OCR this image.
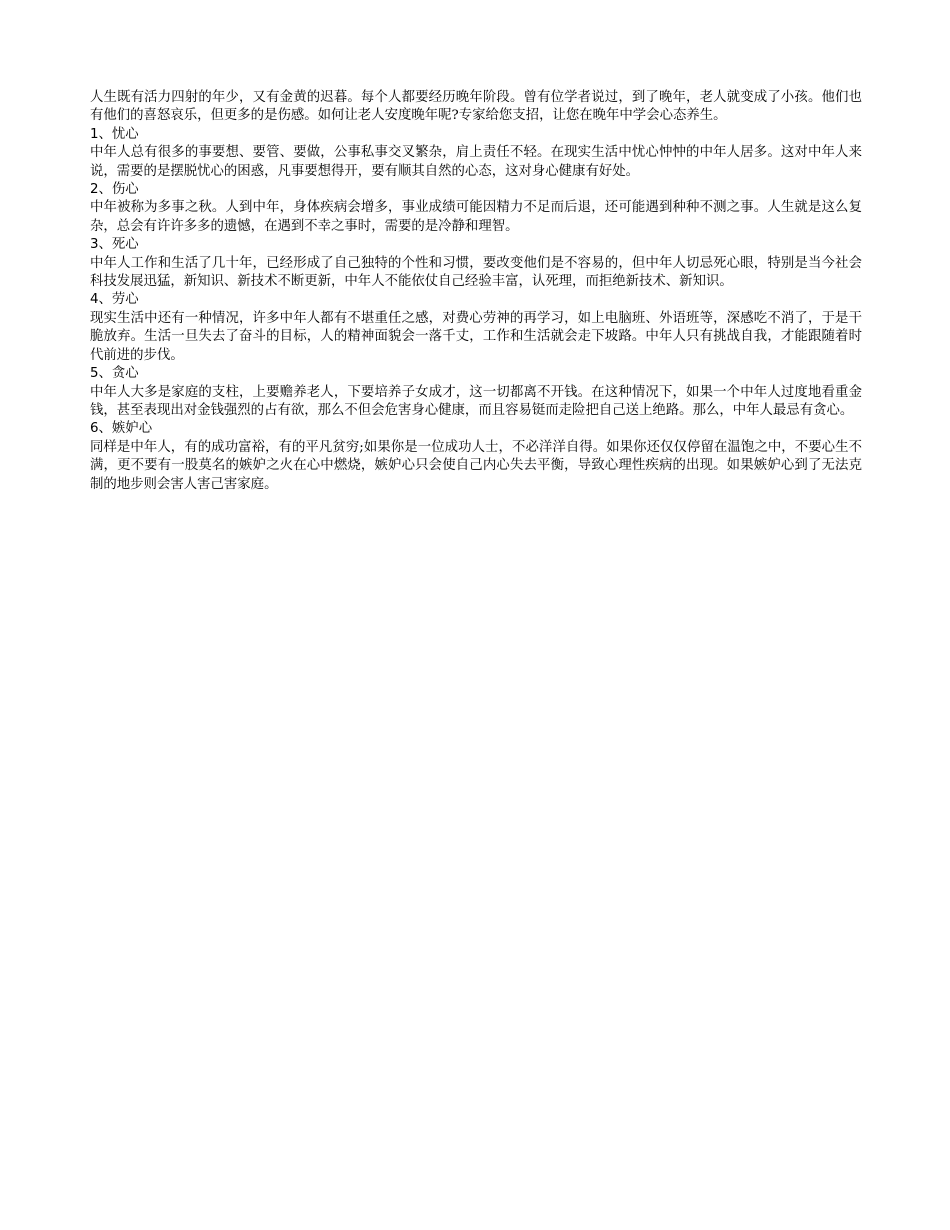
人生既有活力四射的年少，又有金黄的迟暮。每个人都要经历晚年阶段。曾有位学者说过，到了晚年，老人就变成了小孩。他们也有他们的喜怒哀乐，但更多的是伤感。如何让老人安度晚年呢?专家给您支招，让您在晚年中学会心态养生。

1、忧心

中年人总有很多的事要想、要管、要做，公事私事交叉繁杂，肩上责任不轻。在现实生活中忧心忡忡的中年人居多。这对中年人来说，需要的是摆脱忧心的困惑，凡事要想得开，要有顺其自然的心态，这对身心健康有好处。

2、伤心

中年被称为多事之秋。人到中年，身体疾病会增多，事业成绩可能因精力不足而后退，还可能遇到种种不测之事。人生就是这么复杂，总会有许许多多的遗憾，在遇到不幸之事时，需要的是冷静和理智。

3、死心

中年人工作和生活了几十年，已经形成了自己独特的个性和习惯，要改变他们是不容易的，但中年人切忌死心眼，特别是当今社会科技发展迅猛，新知识、新技术不断更新，中年人不能依仗自己经验丰富，认死理，而拒绝新技术、新知识。

4、劳心

现实生活中还有一种情况，许多中年人都有不堪重任之感，对费心劳神的再学习，如上电脑班、外语班等，深感吃不消了，于是干脆放弃。生活一旦失去了奋斗的目标，人的精神面貌会一落千丈，工作和生活就会走下坡路。中年人只有挑战自我，才能跟随着时代前进的步伐。

5、贪心

中年人大多是家庭的支柱，上要赡养老人，下要培养子女成才，这一切都离不开钱。在这种情况下，如果一个中年人过度地看重金钱，甚至表现出对金钱强烈的占有欲，那么不但会危害身心健康，而且容易铤而走险把自己送上绝路。那么，中年人最忌有贪心。

6、嫉妒心

同样是中年人，有的成功富裕，有的平凡贫穷;如果你是一位成功人士，不必洋洋自得。如果你还仅仅停留在温饱之中，不要心生不满，更不要有一股莫名的嫉妒之火在心中燃烧，嫉妒心只会使自己内心失去平衡，导致心理性疾病的出现。如果嫉妒心到了无法克制的地步则会害人害己害家庭。
